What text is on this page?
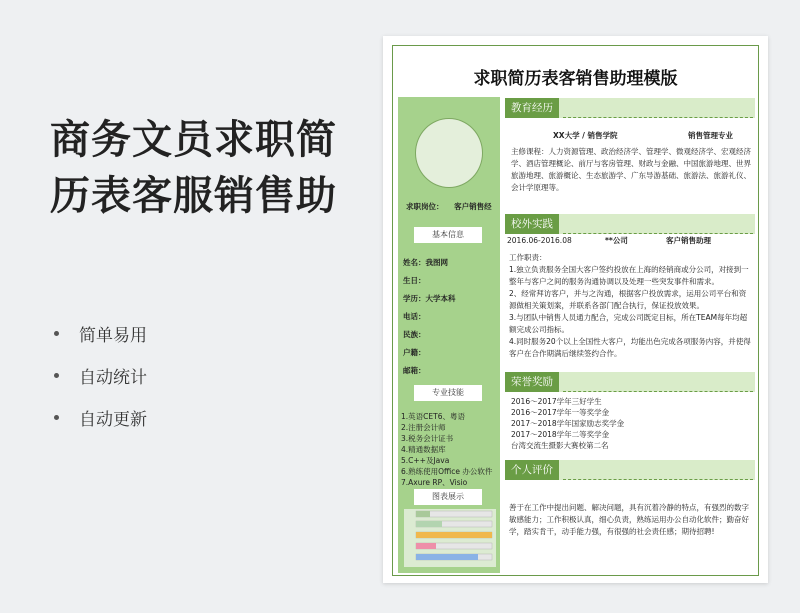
商务文员求职简
历表客服销售助
简单易用
自动统计
自动更新
求职简历表客销售助理模版
求职岗位： 客户销售经
基本信息
姓名：我图网
生日：
学历：大学本科
电话：
民族：
户籍：
邮箱：
专业技能
1.英语CET6、粤语
2.注册会计师
3.税务会计证书
4.精通数据库
5.C++及Java
6.熟练使用Office 办公软件
7.Axure RP、Visio
图表展示
教育经历
XX大学 / 销售学院	销售管理专业
主修课程：人力资源管理、政治经济学、管理学、微观经济学、宏观经济学、酒店管理概论、前厅与客房管理、财政与金融、中国旅游地理、世界旅游地理、旅游概论、生态旅游学、广东导游基础、旅游法、旅游礼仪、会计学原理等。
校外实践
2016.06-2016.08	**公司	客户销售助理
工作职责：
1.独立负责服务全国大客户签约投放在上海的经销商或分公司，对接到一整年与客户之间的服务沟通协调以及处理一些突发事件和需求。
2、经常拜访客户，并与之沟通，根据客户投放需求，运用公司平台和资源做相关策划案，并联系各部门配合执行，保证投放效果。
3.与团队中销售人员通力配合，完成公司既定目标，所在TEAM每年均超额完成公司指标。
4.同时服务20个以上全国性大客户，均能出色完成各项服务内容，并使得客户在合作期满后继续签约合作。
荣誉奖励
2016～2017学年三好学生
2016～2017学年一等奖学金
2017～2018学年国家励志奖学金
2017～2018学年二等奖学金
台湾交流生摄影大赛校第二名
个人评价
善于在工作中提出问题、解决问题，具有沉着冷静的特点，有强烈的数字敏感能力；工作积极认真，细心负责，熟练运用办公自动化软件；勤奋好学，踏实肯干，动手能力强，有很强的社会责任感；期待招聘!
